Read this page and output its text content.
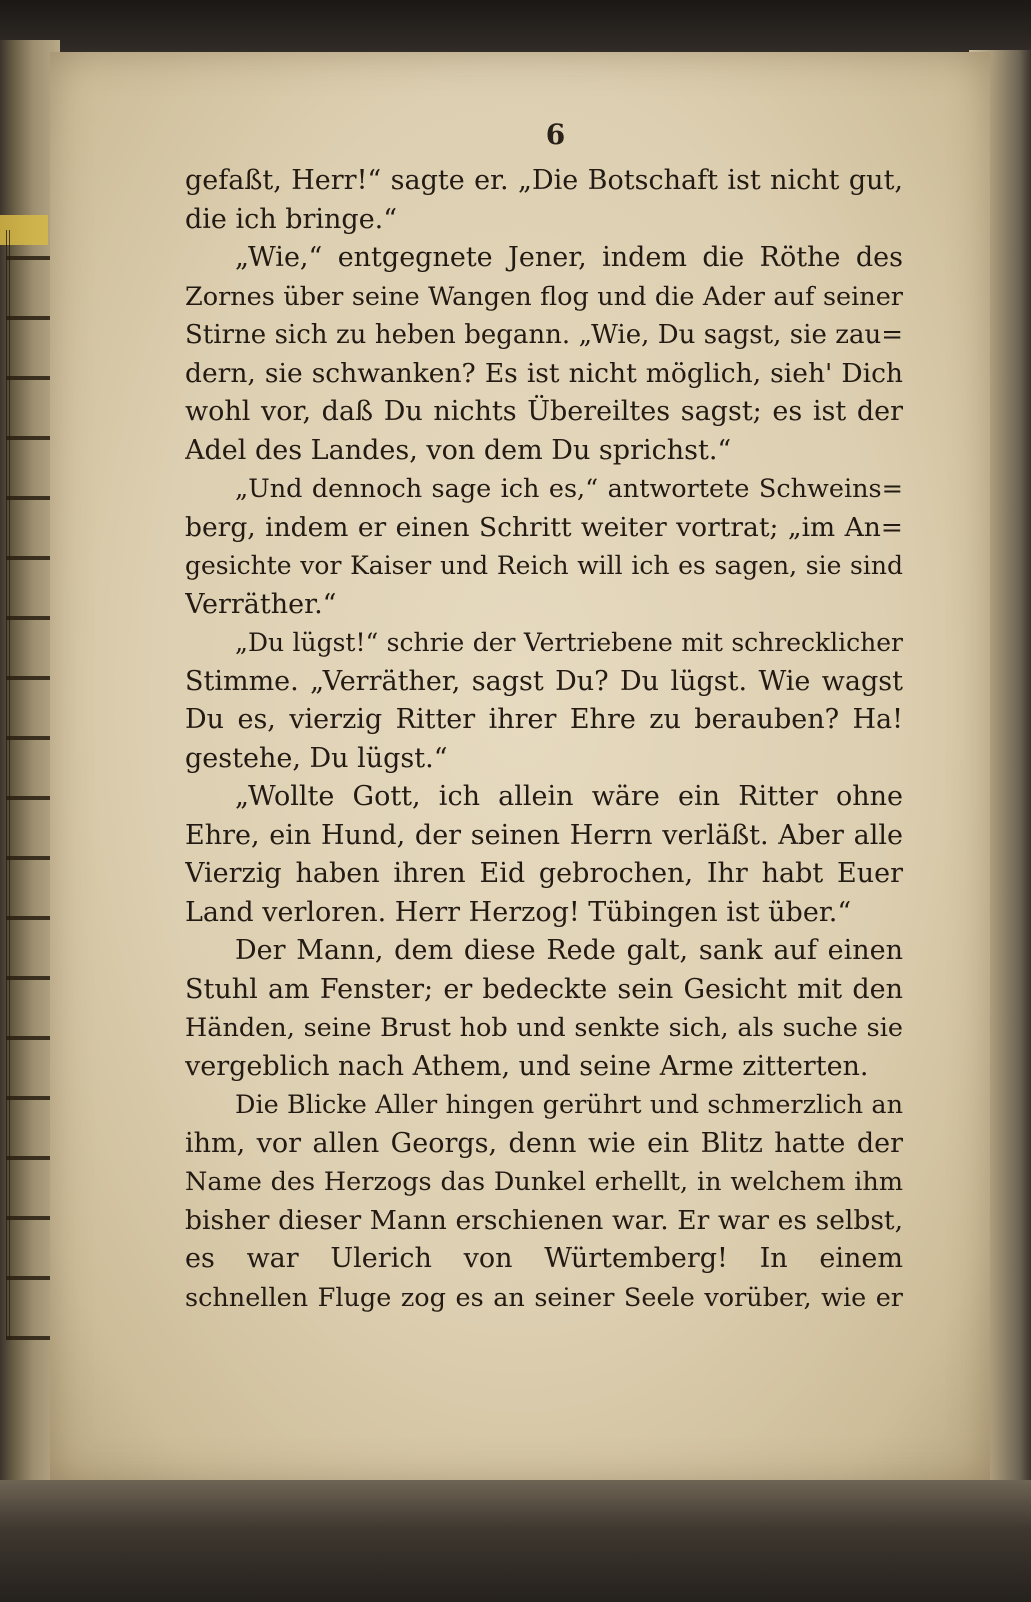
6
gefaßt, Herr!“ sagte er. „Die Botschaft ist nicht gut,
die ich bringe.“
„Wie,“ entgegnete Jener, indem die Röthe des
Zornes über seine Wangen flog und die Ader auf seiner
Stirne sich zu heben begann. „Wie, Du sagst, sie zau=
dern, sie schwanken? Es ist nicht möglich, sieh' Dich
wohl vor, daß Du nichts Übereiltes sagst; es ist der
Adel des Landes, von dem Du sprichst.“
„Und dennoch sage ich es,“ antwortete Schweins=
berg, indem er einen Schritt weiter vortrat; „im An=
gesichte vor Kaiser und Reich will ich es sagen, sie sind
Verräther.“
„Du lügst!“ schrie der Vertriebene mit schrecklicher
Stimme. „Verräther, sagst Du? Du lügst. Wie wagst
Du es, vierzig Ritter ihrer Ehre zu berauben? Ha!
gestehe, Du lügst.“
„Wollte Gott, ich allein wäre ein Ritter ohne
Ehre, ein Hund, der seinen Herrn verläßt. Aber alle
Vierzig haben ihren Eid gebrochen, Ihr habt Euer
Land verloren. Herr Herzog! Tübingen ist über.“
Der Mann, dem diese Rede galt, sank auf einen
Stuhl am Fenster; er bedeckte sein Gesicht mit den
Händen, seine Brust hob und senkte sich, als suche sie
vergeblich nach Athem, und seine Arme zitterten.
Die Blicke Aller hingen gerührt und schmerzlich an
ihm, vor allen Georgs, denn wie ein Blitz hatte der
Name des Herzogs das Dunkel erhellt, in welchem ihm
bisher dieser Mann erschienen war. Er war es selbst,
es war Ulerich von Würtemberg! In einem
schnellen Fluge zog es an seiner Seele vorüber, wie er
